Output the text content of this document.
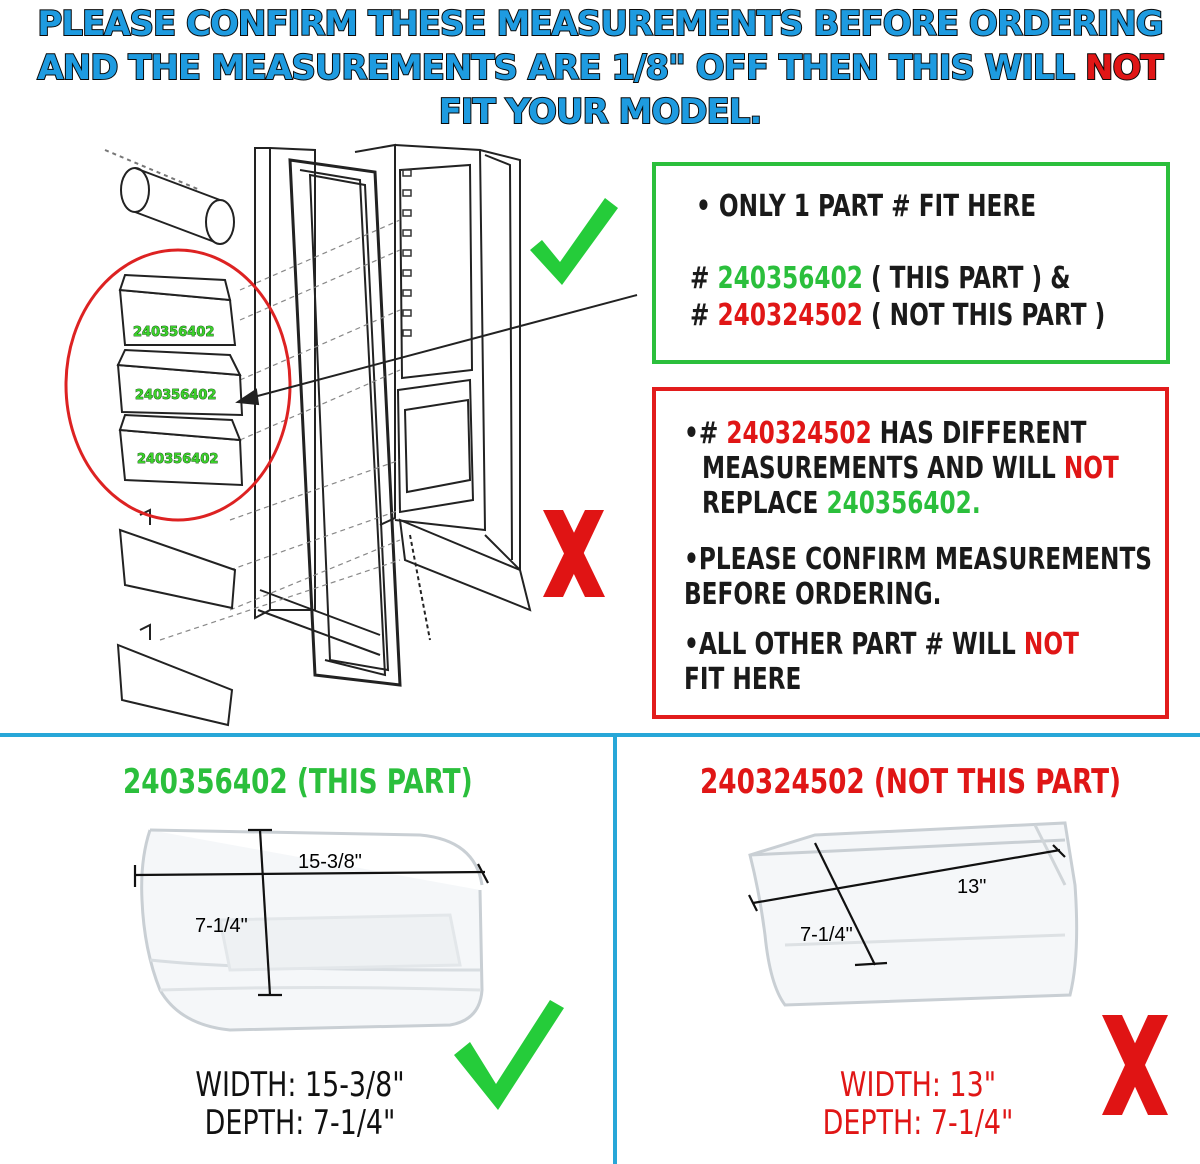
PLEASE CONFIRM THESE MEASUREMENTS BEFORE ORDERING
AND THE MEASUREMENTS ARE 1/8" OFF THEN THIS WILL NOT
FIT YOUR MODEL.
240356402
240356402
240356402
• ONLY 1 PART # FIT HERE
# 240356402 ( THIS PART ) &
# 240324502 ( NOT THIS PART )
•# 240324502 HAS DIFFERENT
MEASUREMENTS AND WILL NOT
REPLACE 240356402.
•PLEASE CONFIRM MEASUREMENTS
BEFORE ORDERING.
•ALL OTHER PART # WILL NOT
FIT HERE
240356402 (THIS PART)
15-3/8"
7-1/4"
WIDTH: 15-3/8"
DEPTH: 7-1/4"
240324502 (NOT THIS PART)
13"
7-1/4"
WIDTH: 13"
DEPTH: 7-1/4"
